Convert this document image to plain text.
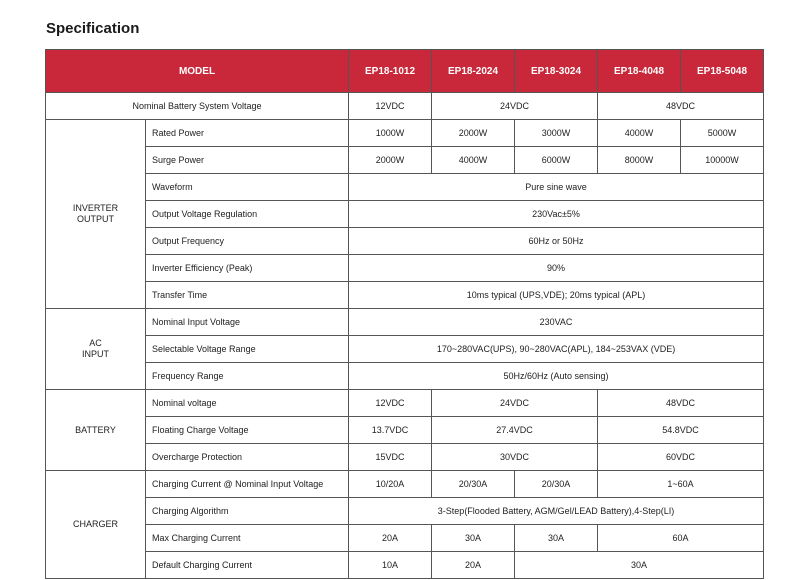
Specification
MODEL		EP18-1012	EP18-2024	EP18-3024	EP18-4048	EP18-5048
Nominal Battery System Voltage		12VDC	24VDC		48VDC	
INVERTER
OUTPUT	Rated Power	1000W	2000W	3000W	4000W	5000W
	Surge Power	2000W	4000W	6000W	8000W	10000W
	Waveform	Pure sine wave				
	Output Voltage Regulation	230Vac±5%				
	Output Frequency	60Hz or 50Hz				
	Inverter Efficiency (Peak)	90%				
	Transfer Time	10ms typical (UPS,VDE); 20ms typical (APL)				
AC
INPUT	Nominal Input Voltage	230VAC				
	Selectable Voltage Range	170~280VAC(UPS), 90~280VAC(APL), 184~253VAX (VDE)				
	Frequency Range	50Hz/60Hz (Auto sensing)				
BATTERY	Nominal voltage	12VDC	24VDC		48VDC	
	Floating Charge Voltage	13.7VDC	27.4VDC		54.8VDC	
	Overcharge Protection	15VDC	30VDC		60VDC	
CHARGER	Charging Current @ Nominal Input Voltage	10/20A	20/30A	20/30A	1~60A	
	Charging Algorithm	3-Step(Flooded Battery, AGM/Gel/LEAD Battery),4-Step(LI)				
	Max Charging Current	20A	30A	30A	60A	
	Default Charging Current	10A	20A	30A		
